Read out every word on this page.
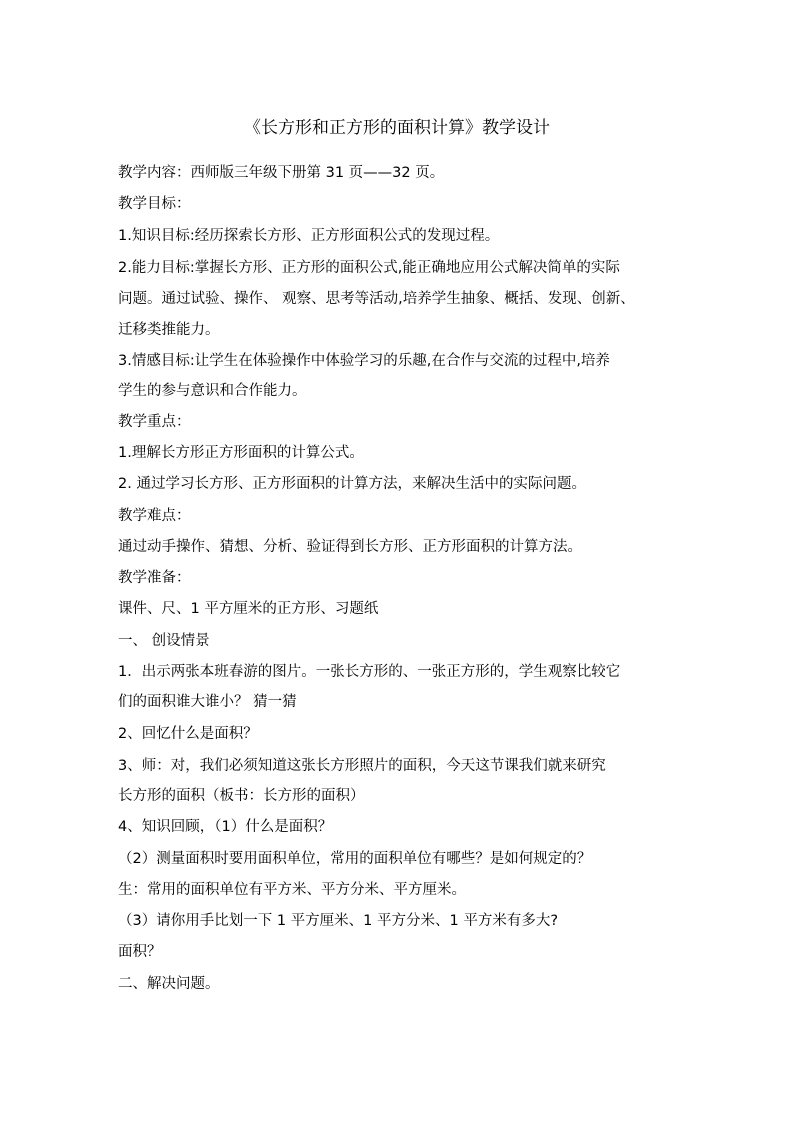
《长方形和正方形的面积计算》教学设计
教学内容：西师版三年级下册第 31 页——32 页。
教学目标：
1.知识目标:经历探索长方形、正方形面积公式的发现过程。
2.能力目标:掌握长方形、正方形的面积公式,能正确地应用公式解决简单的实际
问题。通过试验、操作、 观察、思考等活动,培养学生抽象、概括、发现、创新、
迁移类推能力。
3.情感目标:让学生在体验操作中体验学习的乐趣,在合作与交流的过程中,培养
学生的参与意识和合作能力。
教学重点：
1.理解长方形正方形面积的计算公式。
2. 通过学习长方形、正方形面积的计算方法，来解决生活中的实际问题。
教学难点：
通过动手操作、猜想、分析、验证得到长方形、正方形面积的计算方法。
教学准备：
课件、尺、1 平方厘米的正方形、习题纸
一、 创设情景
1．出示两张本班春游的图片。一张长方形的、一张正方形的，学生观察比较它
们的面积谁大谁小？ 猜一猜
2、回忆什么是面积？
3、师：对，我们必须知道这张长方形照片的面积，今天这节课我们就来研究
长方形的面积（板书：长方形的面积）
4、知识回顾，（1）什么是面积？
（2）测量面积时要用面积单位，常用的面积单位有哪些？是如何规定的？
生：常用的面积单位有平方米、平方分米、平方厘米。
（3）请你用手比划一下 1 平方厘米、1 平方分米、1 平方米有多大?
面积？
二、解决问题。
